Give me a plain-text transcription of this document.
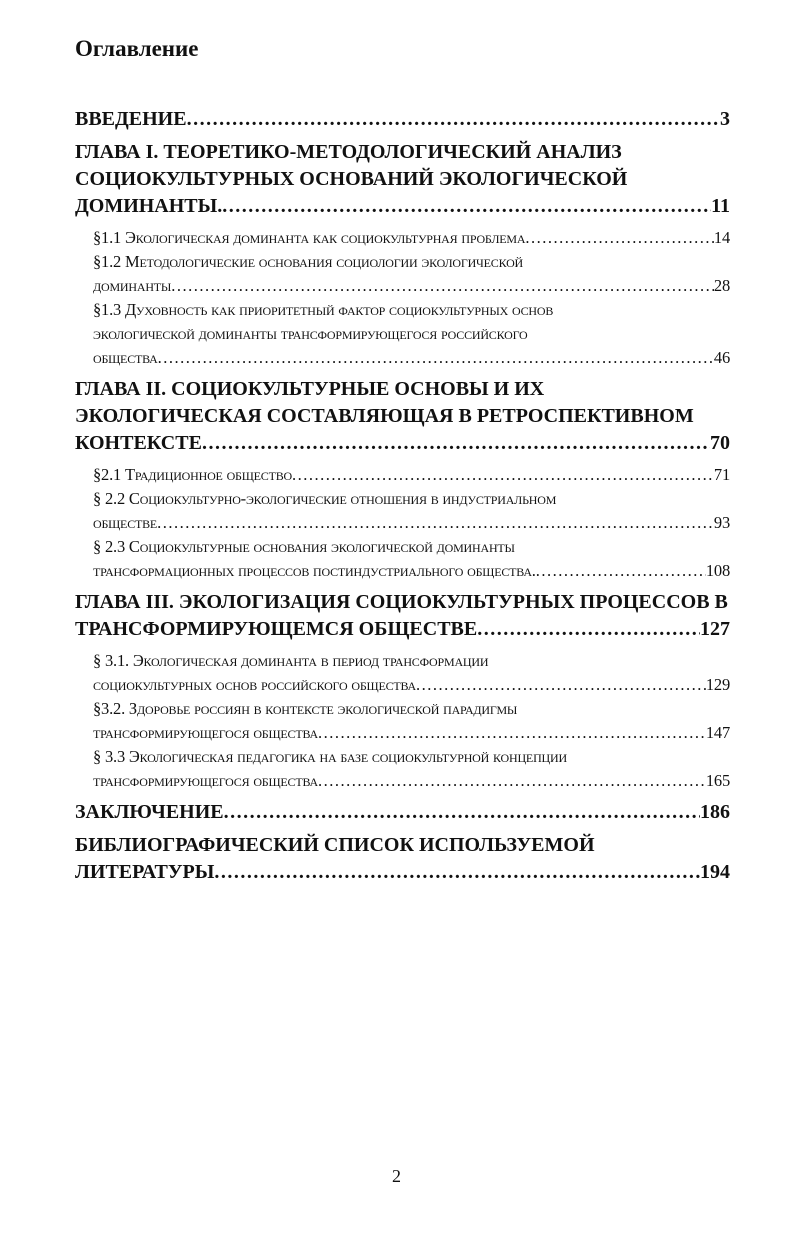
Оглавление
ВВЕДЕНИЕ .....	3
ГЛАВА I. ТЕОРЕТИКО-МЕТОДОЛОГИЧЕСКИЙ АНАЛИЗ
СОЦИОКУЛЬТУРНЫХ ОСНОВАНИЙ ЭКОЛОГИЧЕСКОЙ
ДОМИНАНТЫ. .....	11
§1.1 Экологическая доминанта как социокультурная проблема .....	14
§1.2 Методологические основания социологии экологической
доминанты .....	28
§1.3 Духовность как приоритетный фактор социокультурных основ
экологической доминанты трансформирующегося российского
общества .....	46
ГЛАВА II. СОЦИОКУЛЬТУРНЫЕ ОСНОВЫ И ИХ
ЭКОЛОГИЧЕСКАЯ СОСТАВЛЯЮЩАЯ В РЕТРОСПЕКТИВНОМ
КОНТЕКСТЕ .....	70
§2.1 Традиционное общество .....	71
§ 2.2 Социокультурно-экологические отношения в индустриальном
обществе .....	93
§ 2.3 Социокультурные основания экологической доминанты
трансформационных процессов постиндустриального общества. .....	108
ГЛАВА III. ЭКОЛОГИЗАЦИЯ СОЦИОКУЛЬТУРНЫХ ПРОЦЕССОВ В
ТРАНСФОРМИРУЮЩЕМСЯ ОБЩЕСТВЕ .....	127
§ 3.1. Экологическая доминанта в период трансформации
социокультурных основ российского общества .....	129
§3.2. Здоровье россиян в контексте экологической парадигмы
трансформирующегося общества .....	147
§ 3.3 Экологическая педагогика на базе социокультурной концепции
трансформирующегося общества .....	165
ЗАКЛЮЧЕНИЕ .....	186
БИБЛИОГРАФИЧЕСКИЙ СПИСОК ИСПОЛЬЗУЕМОЙ
ЛИТЕРАТУРЫ .....	194
2
